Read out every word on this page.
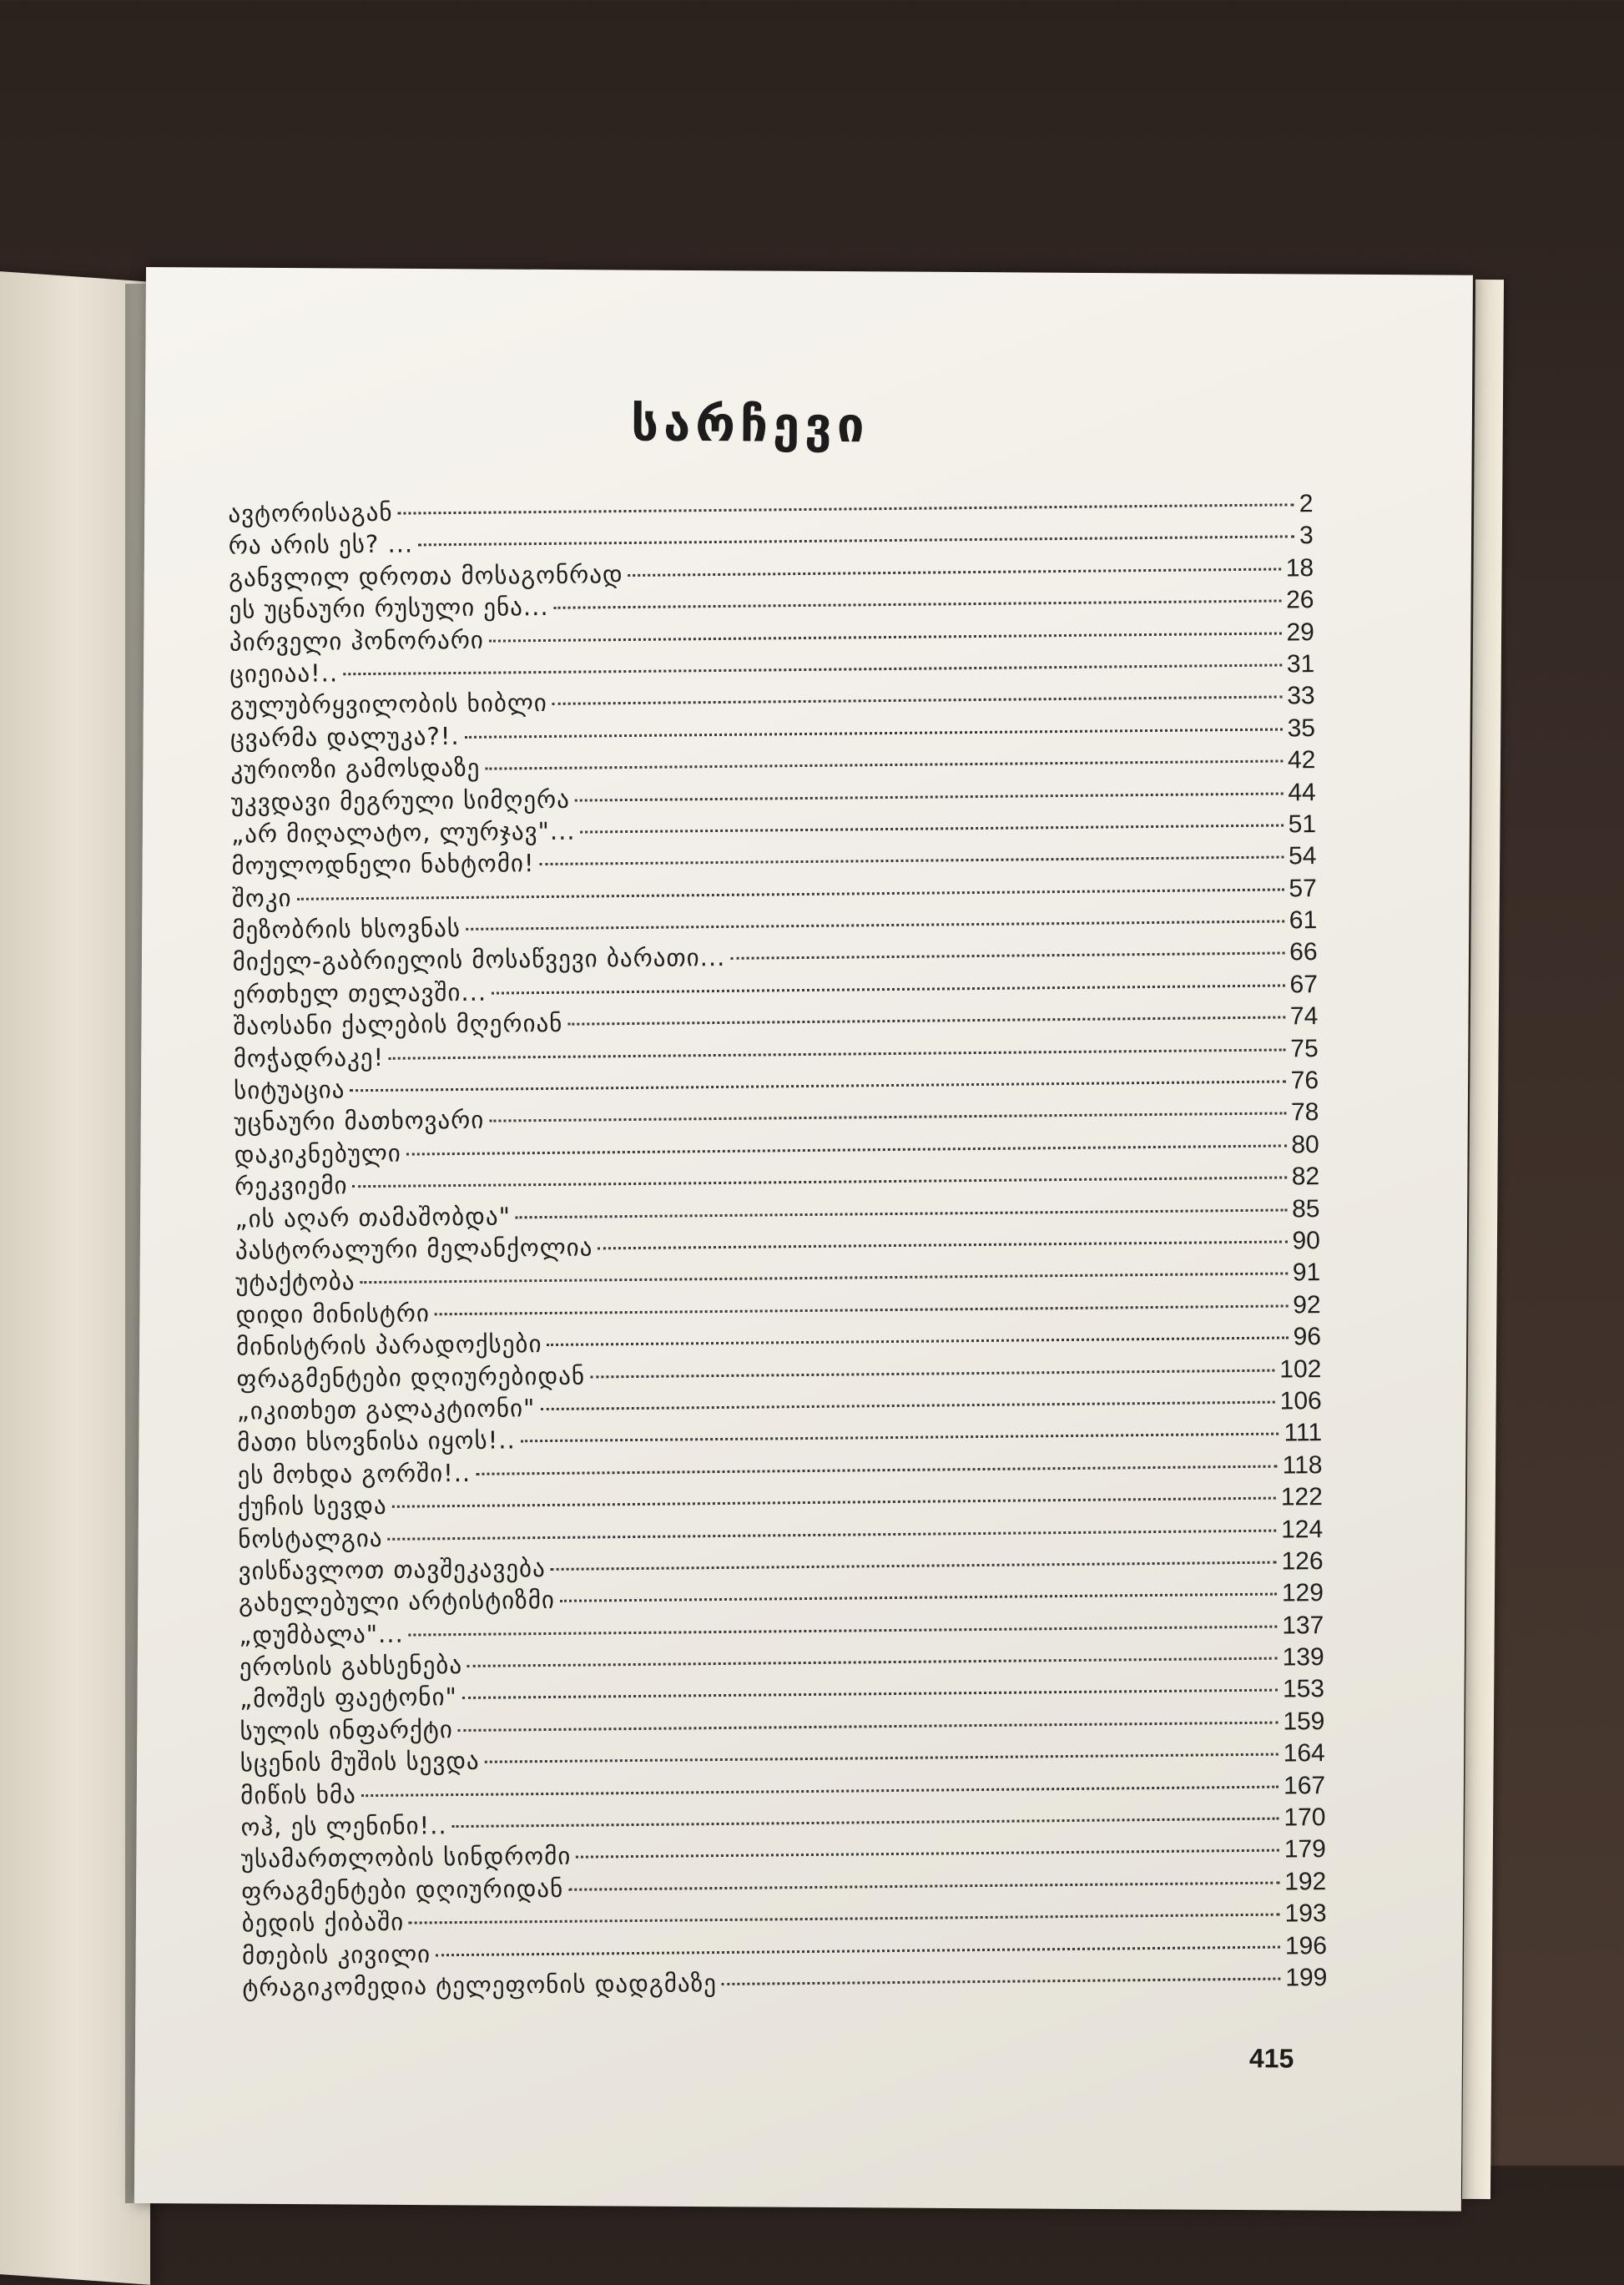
სარჩევი
ავტორისაგან	2
რა არის ეს? ...	3
განვლილ დროთა მოსაგონრად	18
ეს უცნაური რუსული ენა...	26
პირველი ჰონორარი	29
ციეიაა!..	31
გულუბრყვილობის ხიბლი	33
ცვარმა დალუკა?!.	35
კურიოზი გამოსდაზე	42
უკვდავი მეგრული სიმღერა	44
„არ მიღალატო, ლურჯავ"...	51
მოულოდნელი ნახტომი!	54
შოკი	57
მეზობრის ხსოვნას	61
მიქელ-გაბრიელის მოსაწვევი ბარათი...	66
ერთხელ თელავში...	67
შაოსანი ქალების მღერიან	74
მოჭადრაკე!	75
სიტუაცია	76
უცნაური მათხოვარი	78
დაკიკნებული	80
რეკვიემი	82
„ის აღარ თამაშობდა"	85
პასტორალური მელანქოლია	90
უტაქტობა	91
დიდი მინისტრი	92
მინისტრის პარადოქსები	96
ფრაგმენტები დღიურებიდან	102
„იკითხეთ გალაკტიონი"	106
მათი ხსოვნისა იყოს!..	111
ეს მოხდა გორში!..	118
ქუჩის სევდა	122
ნოსტალგია	124
ვისწავლოთ თავშეკავება	126
გახელებული არტისტიზმი	129
„დუმბალა"...	137
ეროსის გახსენება	139
„მოშეს ფაეტონი"	153
სულის ინფარქტი	159
სცენის მუშის სევდა	164
მიწის ხმა	167
ოჰ, ეს ლენინი!..	170
უსამართლობის სინდრომი	179
ფრაგმენტები დღიურიდან	192
ბედის ქიბაში	193
მთების კივილი	196
ტრაგიკომედია ტელეფონის დადგმაზე	199
415
